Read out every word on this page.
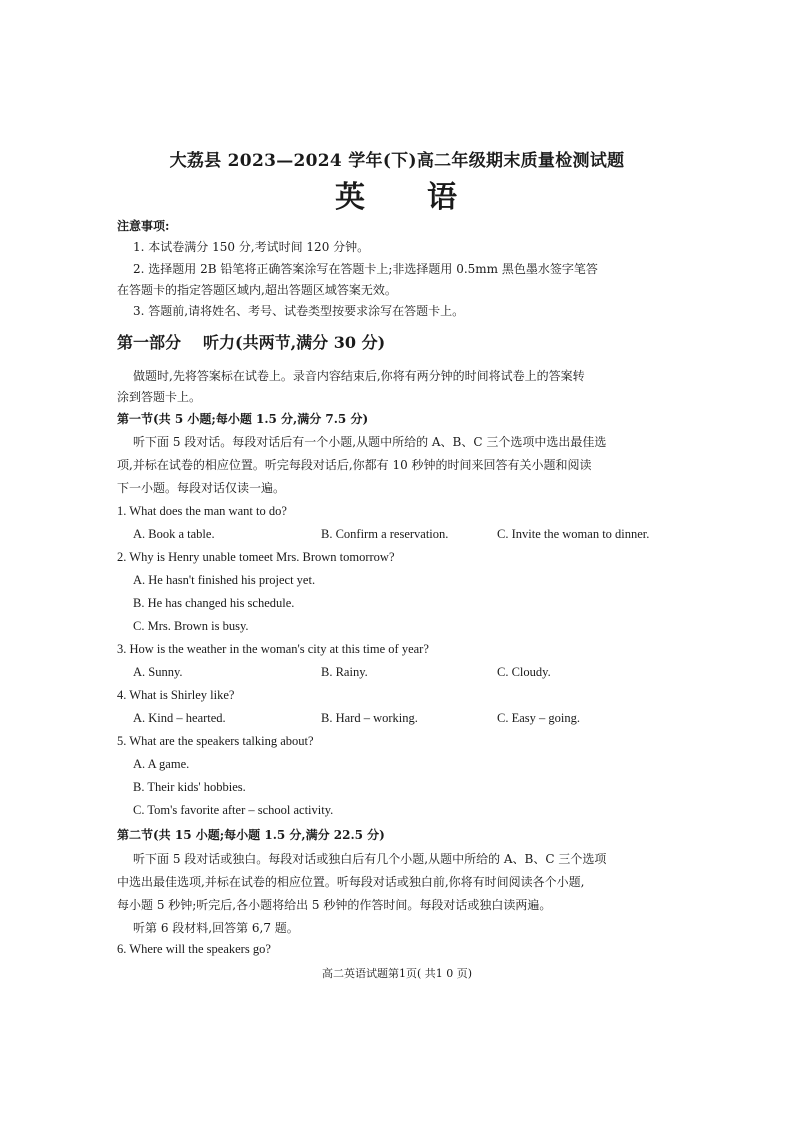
大荔县 2023—2024 学年(下)高二年级期末质量检测试题
英 语
注意事项:
1. 本试卷满分 150 分,考试时间 120 分钟。
2. 选择题用 2B 铅笔将正确答案涂写在答题卡上;非选择题用 0.5mm 黑色墨水签字笔答
在答题卡的指定答题区域内,超出答题区域答案无效。
3. 答题前,请将姓名、考号、试卷类型按要求涂写在答题卡上。
第一部分 听力(共两节,满分 30 分)
做题时,先将答案标在试卷上。录音内容结束后,你将有两分钟的时间将试卷上的答案转
涂到答题卡上。
第一节(共 5 小题;每小题 1.5 分,满分 7.5 分)
听下面 5 段对话。每段对话后有一个小题,从题中所给的 A、B、C 三个选项中选出最佳选
项,并标在试卷的相应位置。听完每段对话后,你都有 10 秒钟的时间来回答有关小题和阅读
下一小题。每段对话仅读一遍。
1. What does the man want to do?
A. Book a table.	B. Confirm a reservation.	C. Invite the woman to dinner.
2. Why is Henry unable tomeet Mrs. Brown tomorrow?
A. He hasn't finished his project yet.
B. He has changed his schedule.
C. Mrs. Brown is busy.
3. How is the weather in the woman's city at this time of year?
A. Sunny.	B. Rainy.	C. Cloudy.
4. What is Shirley like?
A. Kind – hearted.	B. Hard – working.	C. Easy – going.
5. What are the speakers talking about?
A. A game.
B. Their kids' hobbies.
C. Tom's favorite after – school activity.
第二节(共 15 小题;每小题 1.5 分,满分 22.5 分)
听下面 5 段对话或独白。每段对话或独白后有几个小题,从题中所给的 A、B、C 三个选项
中选出最佳选项,并标在试卷的相应位置。听每段对话或独白前,你将有时间阅读各个小题,
每小题 5 秒钟;听完后,各小题将给出 5 秒钟的作答时间。每段对话或独白读两遍。
听第 6 段材料,回答第 6,7 题。
6. Where will the speakers go?
高二英语试题第1页( 共1 0 页)
